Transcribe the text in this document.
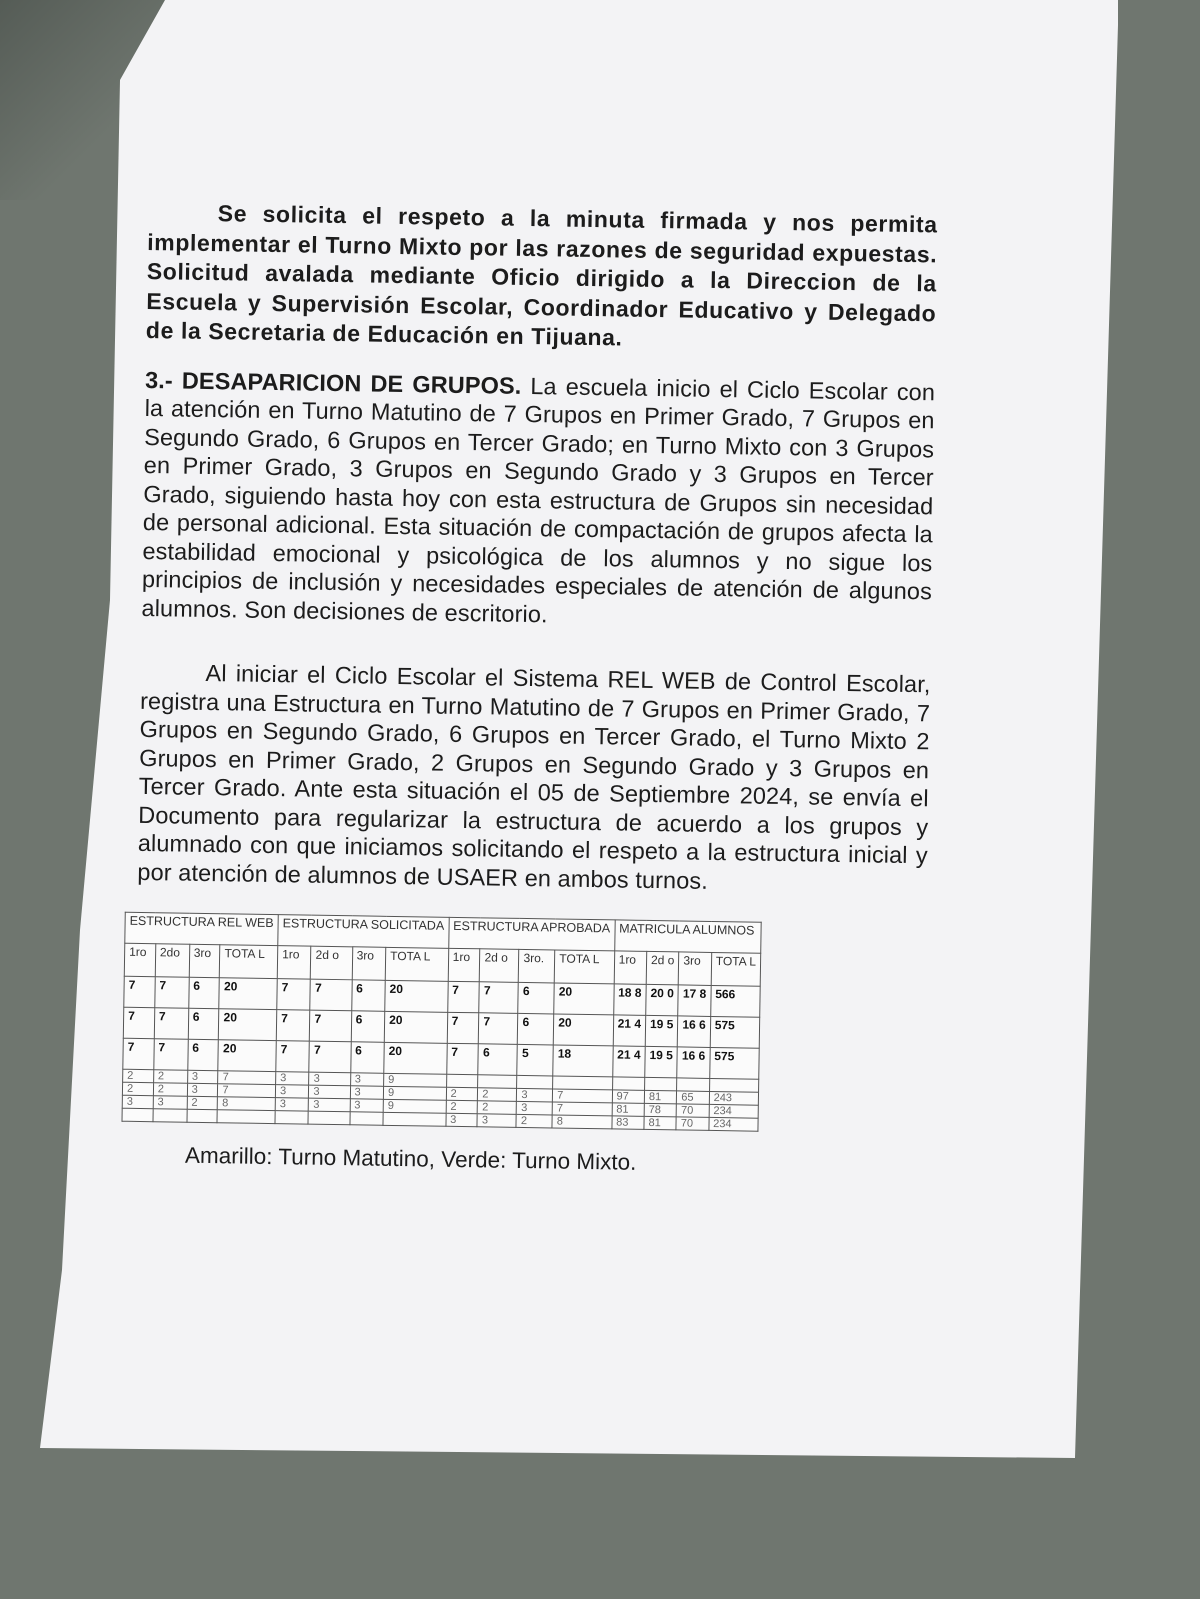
Se solicita el respeto a la minuta firmada y nos permita implementar el Turno Mixto por las razones de seguridad expuestas. Solicitud avalada mediante Oficio dirigido a la Direccion de la Escuela y Supervisión Escolar, Coordinador Educativo y Delegado de la Secretaria de Educación en Tijuana.

3.- DESAPARICION DE GRUPOS. La escuela inicio el Ciclo Escolar con la atención en Turno Matutino de 7 Grupos en Primer Grado, 7 Grupos en Segundo Grado, 6 Grupos en Tercer Grado; en Turno Mixto con 3 Grupos en Primer Grado, 3 Grupos en Segundo Grado y 3 Grupos en Tercer Grado, siguiendo hasta hoy con esta estructura de Grupos sin necesidad de personal adicional. Esta situación de compactación de grupos afecta la estabilidad emocional y psicológica de los alumnos y no sigue los principios de inclusión y necesidades especiales de atención de algunos alumnos. Son decisiones de escritorio.

Al iniciar el Ciclo Escolar el Sistema REL WEB de Control Escolar, registra una Estructura en Turno Matutino de 7 Grupos en Primer Grado, 7 Grupos en Segundo Grado, 6 Grupos en Tercer Grado, el Turno Mixto 2 Grupos en Primer Grado, 2 Grupos en Segundo Grado y 3 Grupos en Tercer Grado. Ante esta situación el 05 de Septiembre 2024, se envía el Documento para regularizar la estructura de acuerdo a los grupos y alumnado con que iniciamos solicitando el respeto a la estructura inicial y por atención de alumnos de USAER en ambos turnos.

ESTRUCTURA REL WEB				ESTRUCTURA SOLICITADA				ESTRUCTURA APROBADA				MATRICULA ALUMNOS			
1ro	2do	3ro	TOTA L	1ro	2d o	3ro	TOTA L	1ro	2d o	3ro.	TOTA L	1ro	2d o	3ro	TOTA L
7	7	6	20	7	7	6	20	7	7	6	20	18 8	20 0	17 8	566
7	7	6	20	7	7	6	20	7	7	6	20	21 4	19 5	16 6	575
7	7	6	20	7	7	6	20	7	6	5	18	21 4	19 5	16 6	575
2	2	3	7	3	3	3	9								
2	2	3	7	3	3	3	9	2	2	3	7	97	81	65	243
3	3	2	8	3	3	3	9	2	2	3	7	81	78	70	234
								3	3	2	8	83	81	70	234

Amarillo: Turno Matutino, Verde: Turno Mixto.
